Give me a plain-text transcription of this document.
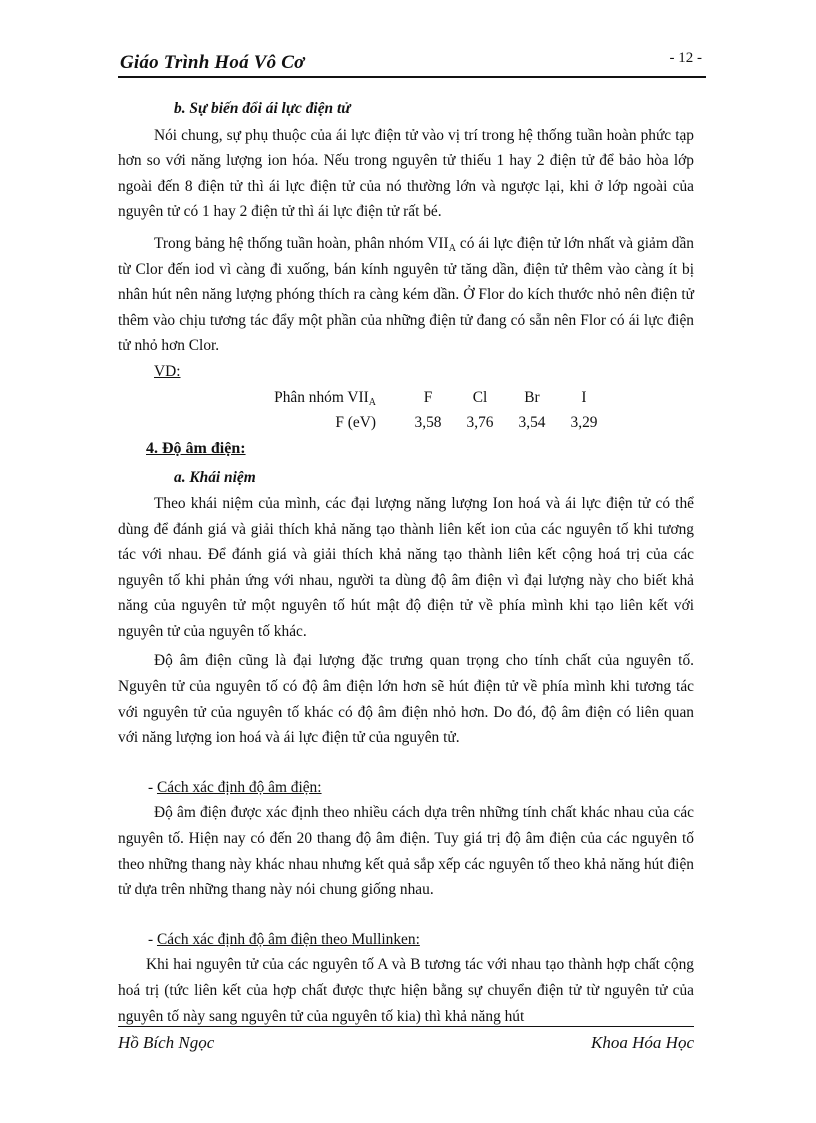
Giáo Trình Hoá Vô Cơ	- 12 -

b. Sự biến đổi ái lực điện tử

Nói chung, sự phụ thuộc của ái lực điện tử vào vị trí trong hệ thống tuần hoàn phức tạp hơn so với năng lượng ion hóa. Nếu trong nguyên tử thiếu 1 hay 2 điện tử để bảo hòa lớp ngoài đến 8 điện tử thì ái lực điện tử của nó thường lớn và ngược lại, khi ở lớp ngoài của nguyên tử có 1 hay 2 điện tử thì ái lực điện tử rất bé.

Trong bảng hệ thống tuần hoàn, phân nhóm $VII_A$ có ái lực điện tử lớn nhất và giảm dần từ Clor đến iod vì càng đi xuống, bán kính nguyên tử tăng dần, điện tử thêm vào càng ít bị nhân hút nên năng lượng phóng thích ra càng kém dần. Ở Flor do kích thước nhỏ nên điện tử thêm vào chịu tương tác đẩy một phần của những điện tử đang có sẵn nên Flor có ái lực điện tử nhỏ hơn Clor.

VD:

Phân nhóm $VII_A$	F	Cl	Br	I
F (eV)	3,58	3,76	3,54	3,29

4. Độ âm điện:

a. Khái niệm

Theo khái niệm của mình, các đại lượng năng lượng Ion hoá và ái lực điện tử có thể dùng để đánh giá và giải thích khả năng tạo thành liên kết ion của các nguyên tố khi tương tác với nhau. Để đánh giá và giải thích khả năng tạo thành liên kết cộng hoá trị của các nguyên tố khi phản ứng với nhau, người ta dùng độ âm điện vì đại lượng này cho biết khả năng của nguyên tử một nguyên tố hút mật độ điện tử về phía mình khi tạo liên kết với nguyên tử của nguyên tố khác.

Độ âm điện cũng là đại lượng đặc trưng quan trọng cho tính chất của nguyên tố. Nguyên tử của nguyên tố có độ âm điện lớn hơn sẽ hút điện tử về phía mình khi tương tác với nguyên tử của nguyên tố khác có độ âm điện nhỏ hơn. Do đó, độ âm điện có liên quan với năng lượng ion hoá và ái lực điện tử của nguyên tử.

- Cách xác định độ âm điện:

Độ âm điện được xác định theo nhiều cách dựa trên những tính chất khác nhau của các nguyên tố. Hiện nay có đến 20 thang độ âm điện. Tuy giá trị độ âm điện của các nguyên tố theo những thang này khác nhau nhưng kết quả sắp xếp các nguyên tố theo khả năng hút điện tử dựa trên những thang này nói chung giống nhau.

- Cách xác định độ âm điện theo Mullinken:

Khi hai nguyên tử của các nguyên tố A và B tương tác với nhau tạo thành hợp chất cộng hoá trị (tức liên kết của hợp chất được thực hiện bằng sự chuyển điện tử từ nguyên tử của nguyên tố này sang nguyên tử của nguyên tố kia) thì khả năng hút

Hồ Bích Ngọc	Khoa Hóa Học
